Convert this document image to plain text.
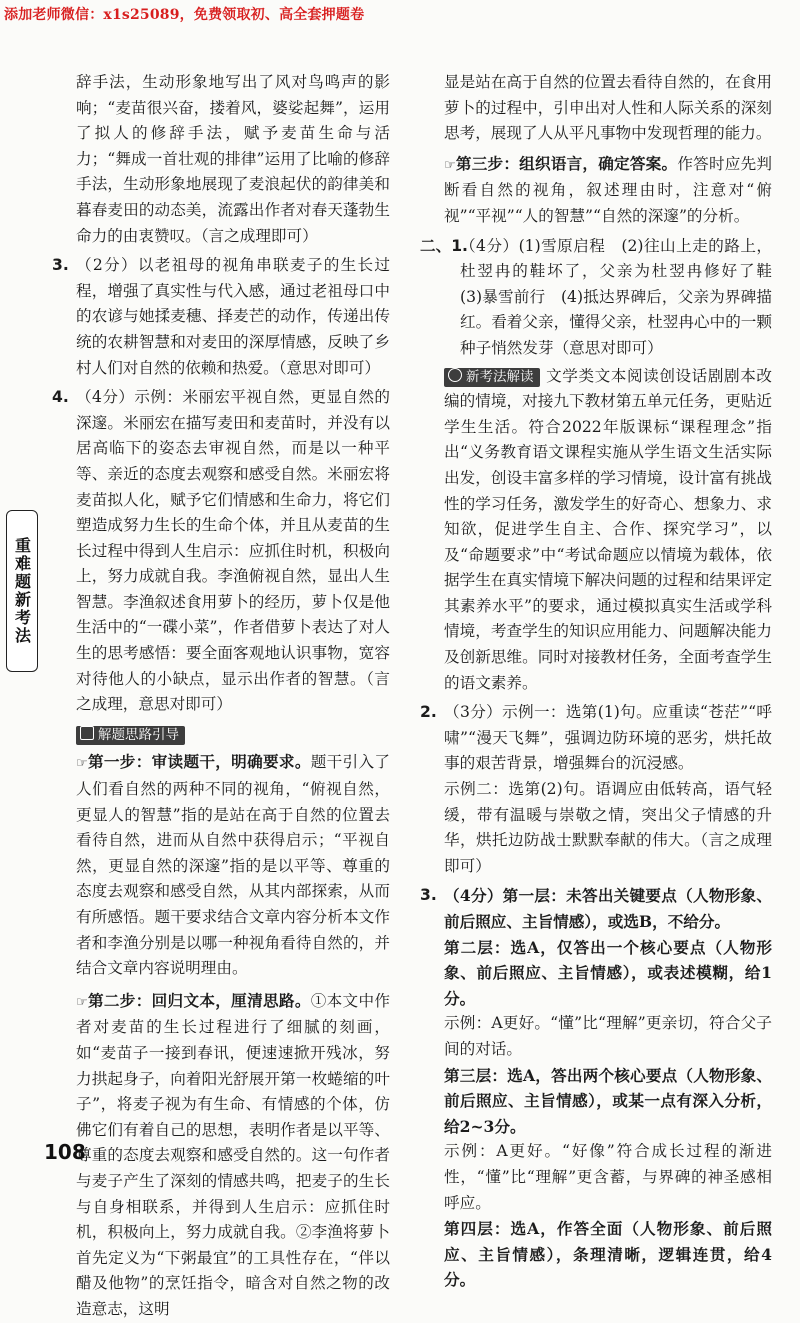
添加老师微信：x1s25089，免费领取初、高全套押题卷

辞手法，生动形象地写出了风对鸟鸣声的影响；“麦苗很兴奋，搂着风，婆娑起舞”，运用了拟人的修辞手法，赋予麦苗生命与活力；“舞成一首壮观的排律”运用了比喻的修辞手法，生动形象地展现了麦浪起伏的韵律美和暮春麦田的动态美，流露出作者对春天蓬勃生命力的由衷赞叹。（言之成理即可）

3. （2分）以老祖母的视角串联麦子的生长过程，增强了真实性与代入感，通过老祖母口中的农谚与她揉麦穗、择麦芒的动作，传递出传统的农耕智慧和对麦田的深厚情感，反映了乡村人们对自然的依赖和热爱。（意思对即可）

4. （4分）示例：米丽宏平视自然，更显自然的深邃。米丽宏在描写麦田和麦苗时，并没有以居高临下的姿态去审视自然，而是以一种平等、亲近的态度去观察和感受自然。米丽宏将麦苗拟人化，赋予它们情感和生命力，将它们塑造成努力生长的生命个体，并且从麦苗的生长过程中得到人生启示：应抓住时机，积极向上，努力成就自我。李渔俯视自然，显出人生智慧。李渔叙述食用萝卜的经历，萝卜仅是他生活中的“一碟小菜”，作者借萝卜表达了对人生的思考感悟：要全面客观地认识事物，宽容对待他人的小缺点，显示出作者的智慧。（言之成理，意思对即可）

解题思路引导

☞第一步：审读题干，明确要求。题干引入了人们看自然的两种不同的视角，“俯视自然，更显人的智慧”指的是站在高于自然的位置去看待自然，进而从自然中获得启示；“平视自然，更显自然的深邃”指的是以平等、尊重的态度去观察和感受自然，从其内部探索，从而有所感悟。题干要求结合文章内容分析本文作者和李渔分别是以哪一种视角看待自然的，并结合文章内容说明理由。

☞第二步：回归文本，厘清思路。①本文中作者对麦苗的生长过程进行了细腻的刻画，如“麦苗子一接到春讯，便速速掀开残冰，努力拱起身子，向着阳光舒展开第一枚蜷缩的叶子”，将麦子视为有生命、有情感的个体，仿佛它们有着自己的思想，表明作者是以平等、尊重的态度去观察和感受自然的。这一句作者与麦子产生了深刻的情感共鸣，把麦子的生长与自身相联系，并得到人生启示：应抓住时机，积极向上，努力成就自我。②李渔将萝卜首先定义为“下粥最宜”的工具性存在，“伴以醋及他物”的烹饪指令，暗含对自然之物的改造意志，这明

显是站在高于自然的位置去看待自然的，在食用萝卜的过程中，引申出对人性和人际关系的深刻思考，展现了人从平凡事物中发现哲理的能力。

☞第三步：组织语言，确定答案。作答时应先判断看自然的视角，叙述理由时，注意对“俯视”“平视”“人的智慧”“自然的深邃”的分析。

二、1.

（4分）(1)雪原启程　(2)往山上走的路上，杜翌冉的鞋坏了，父亲为杜翌冉修好了鞋　(3)暴雪前行　(4)抵达界碑后，父亲为界碑描红。看着父亲，懂得父亲，杜翌冉心中的一颗种子悄然发芽（意思对即可）

新考法解读 文学类文本阅读创设话剧剧本改编的情境，对接九下教材第五单元任务，更贴近学生生活。符合2022年版课标“课程理念”指出“义务教育语文课程实施从学生语文生活实际出发，创设丰富多样的学习情境，设计富有挑战性的学习任务，激发学生的好奇心、想象力、求知欲，促进学生自主、合作、探究学习”，以及“命题要求”中“考试命题应以情境为载体，依据学生在真实情境下解决问题的过程和结果评定其素养水平”的要求，通过模拟真实生活或学科情境，考查学生的知识应用能力、问题解决能力及创新思维。同时对接教材任务，全面考查学生的语文素养。

2. （3分）示例一：选第(1)句。应重读“苍茫”“呼啸”“漫天飞舞”，强调边防环境的恶劣，烘托故事的艰苦背景，增强舞台的沉浸感。

示例二：选第(2)句。语调应由低转高，语气轻缓，带有温暖与崇敬之情，突出父子情感的升华，烘托边防战士默默奉献的伟大。（言之成理即可）

3. （4分）第一层：未答出关键要点（人物形象、前后照应、主旨情感），或选B，不给分。

第二层：选A，仅答出一个核心要点（人物形象、前后照应、主旨情感），或表述模糊，给1分。

示例：A更好。“懂”比“理解”更亲切，符合父子间的对话。

第三层：选A，答出两个核心要点（人物形象、前后照应、主旨情感），或某一点有深入分析，给2~3分。

示例：A更好。“好像”符合成长过程的渐进性，“懂”比“理解”更含蓄，与界碑的神圣感相呼应。

第四层：选A，作答全面（人物形象、前后照应、主旨情感），条理清晰，逻辑连贯，给4分。

重难题新考法
108
